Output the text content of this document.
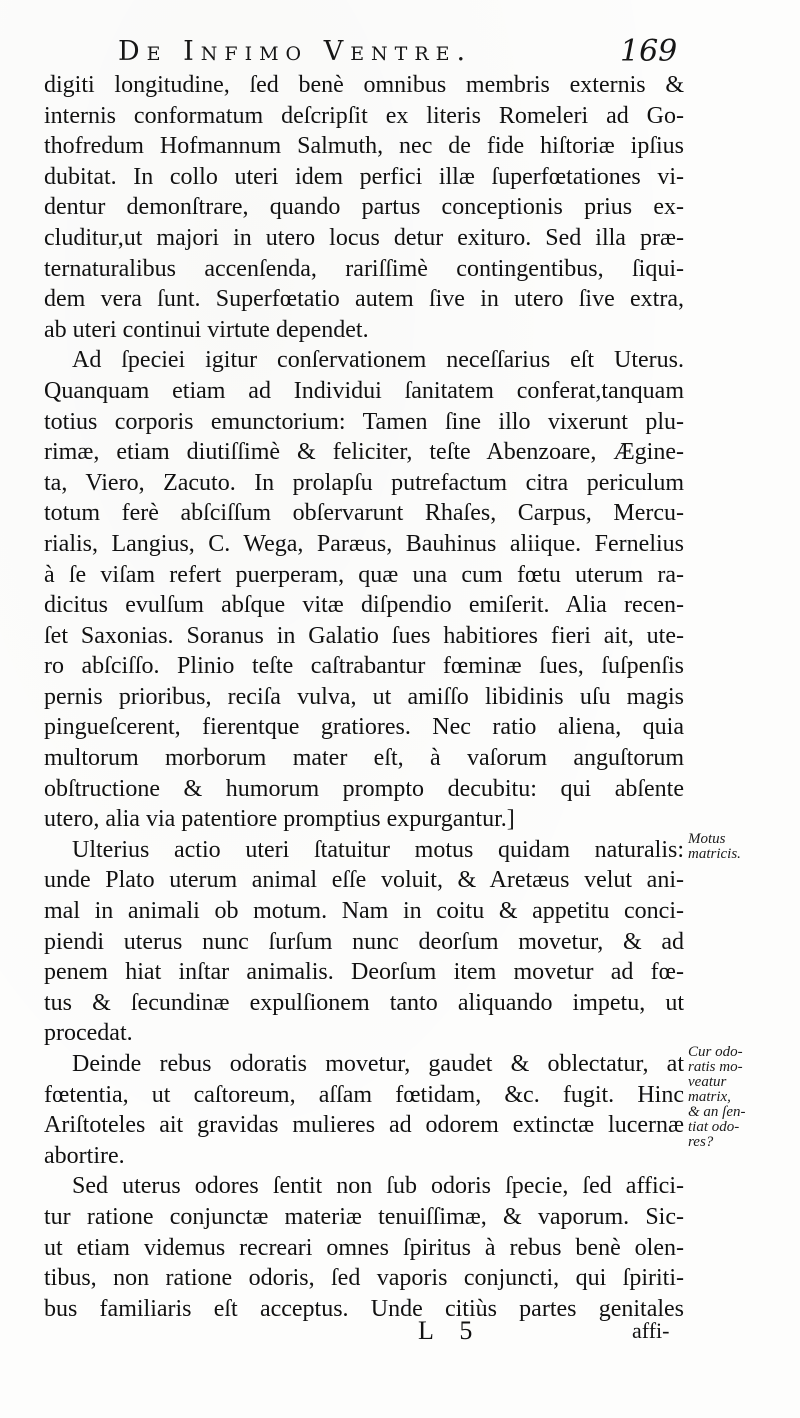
De Infimo Ventre.	169
digiti longitudine, ſed benè omnibus membris externis &
internis conformatum deſcripſit ex literis Romeleri ad Go-
thofredum Hofmannum Salmuth, nec de fide hiſtoriæ ipſius
dubitat. In collo uteri idem perfici illæ ſuperfœtationes vi-
dentur demonſtrare, quando partus conceptionis prius ex-
cluditur,ut majori in utero locus detur exituro. Sed illa præ-
ternaturalibus accenſenda, rariſſimè contingentibus, ſiqui-
dem vera ſunt. Superfœtatio autem ſive in utero ſive extra,
ab uteri continui virtute dependet.
Ad ſpeciei igitur conſervationem neceſſarius eſt Uterus.
Quanquam etiam ad Individui ſanitatem conferat,tanquam
totius corporis emunctorium: Tamen ſine illo vixerunt plu-
rimæ, etiam diutiſſimè & feliciter, teſte Abenzoare, Ægine-
ta, Viero, Zacuto. In prolapſu putrefactum citra periculum
totum ferè abſciſſum obſervarunt Rhaſes, Carpus, Mercu-
rialis, Langius, C. Wega, Paræus, Bauhinus aliique. Fernelius
à ſe viſam refert puerperam, quæ una cum fœtu uterum ra-
dicitus evulſum abſque vitæ diſpendio emiſerit. Alia recen-
ſet Saxonias. Soranus in Galatio ſues habitiores fieri ait, ute-
ro abſciſſo. Plinio teſte caſtrabantur fœminæ ſues, ſuſpenſis
pernis prioribus, reciſa vulva, ut amiſſo libidinis uſu magis
pingueſcerent, fierentque gratiores. Nec ratio aliena, quia
multorum morborum mater eſt, à vaſorum anguſtorum
obſtructione & humorum prompto decubitu: qui abſente
utero, alia via patentiore promptius expurgantur.]
Ulterius actio uteri ſtatuitur motus quidam naturalis:
unde Plato uterum animal eſſe voluit, & Aretæus velut ani-
mal in animali ob motum. Nam in coitu & appetitu conci-
piendi uterus nunc ſurſum nunc deorſum movetur, & ad
penem hiat inſtar animalis. Deorſum item movetur ad fœ-
tus & ſecundinæ expulſionem tanto aliquando impetu, ut
procedat.
Deinde rebus odoratis movetur, gaudet & oblectatur, at
fœtentia, ut caſtoreum, aſſam fœtidam, &c. fugit. Hinc
Ariſtoteles ait gravidas mulieres ad odorem extinctæ lucernæ
abortire.
Sed uterus odores ſentit non ſub odoris ſpecie, ſed affici-
tur ratione conjunctæ materiæ tenuiſſimæ, & vaporum. Sic-
ut etiam videmus recreari omnes ſpiritus à rebus benè olen-
tibus, non ratione odoris, ſed vaporis conjuncti, qui ſpiriti-
bus familiaris eſt acceptus. Unde citiùs partes genitales
Motus
matricis.
Cur odo-
ratis mo-
veatur
matrix,
& an ſen-
tiat odo-
res?
L 5	affi-
